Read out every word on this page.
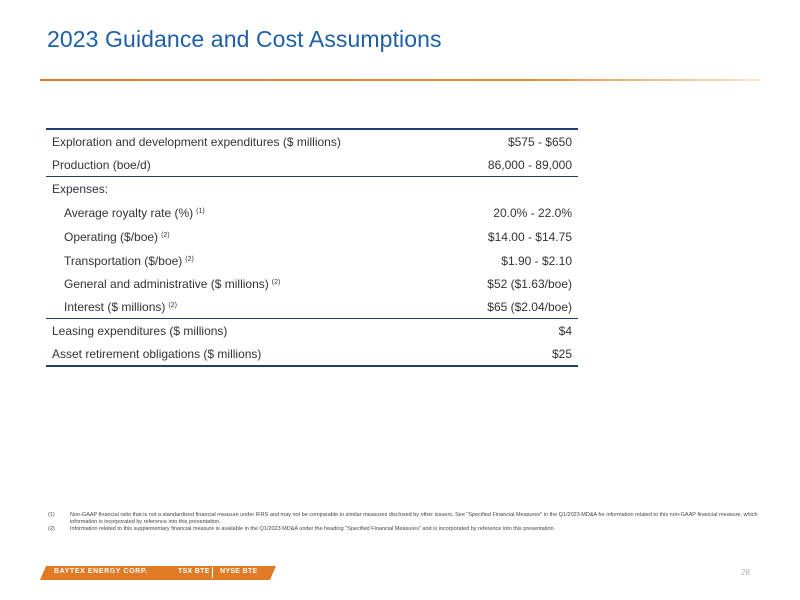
2023 Guidance and Cost Assumptions
Exploration and development expenditures ($ millions)	$575 - $650
Production (boe/d)	86,000 - 89,000
Expenses:
Average royalty rate (%) $^{(1)}$	20.0% - 22.0%
Operating ($/boe) $^{(2)}$	$14.00 - $14.75
Transportation ($/boe) $^{(2)}$	$1.90 - $2.10
General and administrative ($ millions) $^{(2)}$	$52 ($1.63/boe)
Interest ($ millions) $^{(2)}$	$65 ($2.04/boe)
Leasing expenditures ($ millions)	$4
Asset retirement obligations ($ millions)	$25
(1)	Non-GAAP financial ratio that is not a standardized financial measure under IFRS and may not be comparable to similar measures disclosed by other issuers. See "Specified Financial Measures" in the Q1/2023 MD&A for information related to this non-GAAP financial measure, which information is incorporated by reference into this presentation.
(2)	Information related to this supplementary financial measure is available in the Q1/2023 MD&A under the heading "Specified Financial Measures" and is incorporated by reference into this presentation.
BAYTEX ENERGY CORP.	TSX BTE NYSE BTE	28
